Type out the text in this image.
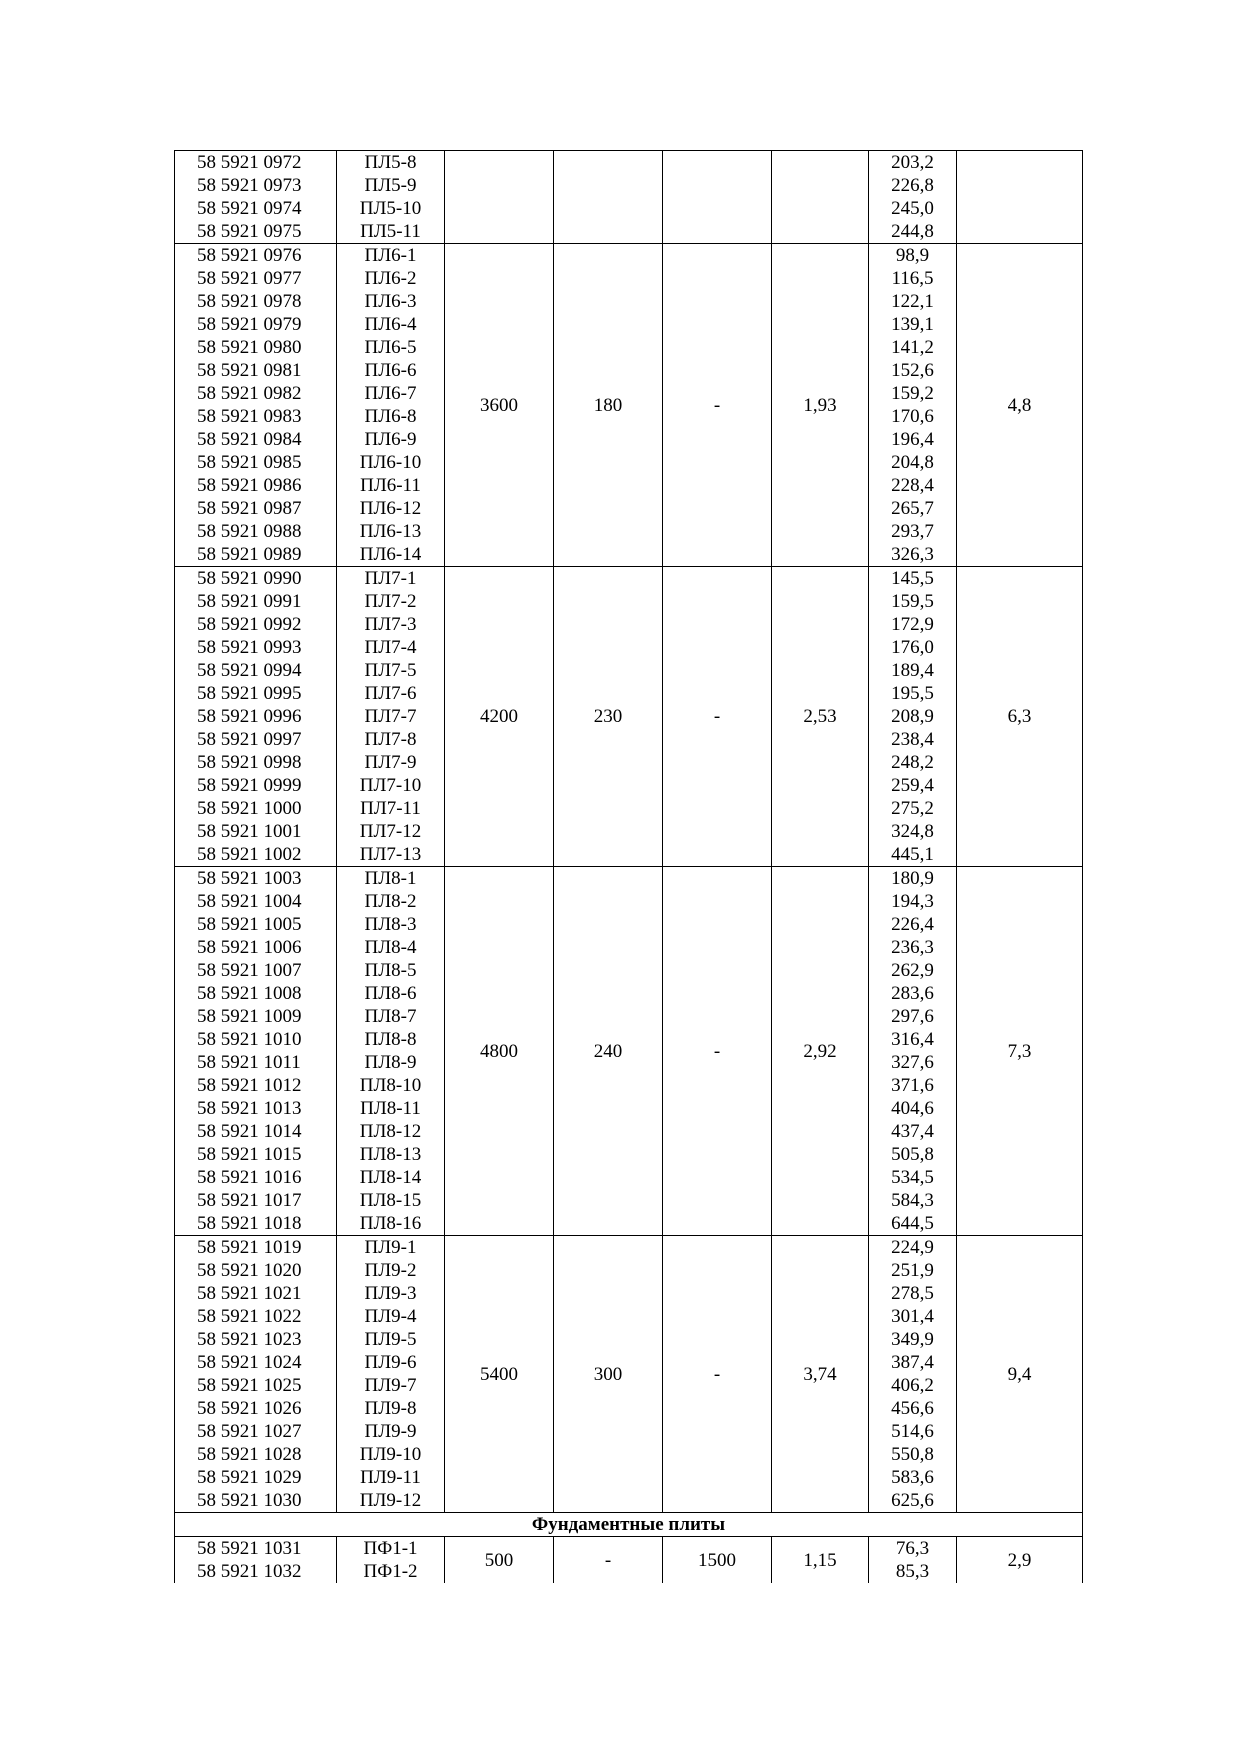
58 5921 0972	ПЛ5-8					203,2	
58 5921 0973	ПЛ5-9					226,8	
58 5921 0974	ПЛ5-10					245,0	
58 5921 0975	ПЛ5-11					244,8	
58 5921 0976	ПЛ6-1	3600	180	-	1,93	98,9	4,8
58 5921 0977	ПЛ6-2					116,5	
58 5921 0978	ПЛ6-3					122,1	
58 5921 0979	ПЛ6-4					139,1	
58 5921 0980	ПЛ6-5					141,2	
58 5921 0981	ПЛ6-6					152,6	
58 5921 0982	ПЛ6-7					159,2	
58 5921 0983	ПЛ6-8					170,6	
58 5921 0984	ПЛ6-9					196,4	
58 5921 0985	ПЛ6-10					204,8	
58 5921 0986	ПЛ6-11					228,4	
58 5921 0987	ПЛ6-12					265,7	
58 5921 0988	ПЛ6-13					293,7	
58 5921 0989	ПЛ6-14					326,3	
58 5921 0990	ПЛ7-1	4200	230	-	2,53	145,5	6,3
58 5921 0991	ПЛ7-2					159,5	
58 5921 0992	ПЛ7-3					172,9	
58 5921 0993	ПЛ7-4					176,0	
58 5921 0994	ПЛ7-5					189,4	
58 5921 0995	ПЛ7-6					195,5	
58 5921 0996	ПЛ7-7					208,9	
58 5921 0997	ПЛ7-8					238,4	
58 5921 0998	ПЛ7-9					248,2	
58 5921 0999	ПЛ7-10					259,4	
58 5921 1000	ПЛ7-11					275,2	
58 5921 1001	ПЛ7-12					324,8	
58 5921 1002	ПЛ7-13					445,1	
58 5921 1003	ПЛ8-1	4800	240	-	2,92	180,9	7,3
58 5921 1004	ПЛ8-2					194,3	
58 5921 1005	ПЛ8-3					226,4	
58 5921 1006	ПЛ8-4					236,3	
58 5921 1007	ПЛ8-5					262,9	
58 5921 1008	ПЛ8-6					283,6	
58 5921 1009	ПЛ8-7					297,6	
58 5921 1010	ПЛ8-8					316,4	
58 5921 1011	ПЛ8-9					327,6	
58 5921 1012	ПЛ8-10					371,6	
58 5921 1013	ПЛ8-11					404,6	
58 5921 1014	ПЛ8-12					437,4	
58 5921 1015	ПЛ8-13					505,8	
58 5921 1016	ПЛ8-14					534,5	
58 5921 1017	ПЛ8-15					584,3	
58 5921 1018	ПЛ8-16					644,5	
58 5921 1019	ПЛ9-1	5400	300	-	3,74	224,9	9,4
58 5921 1020	ПЛ9-2					251,9	
58 5921 1021	ПЛ9-3					278,5	
58 5921 1022	ПЛ9-4					301,4	
58 5921 1023	ПЛ9-5					349,9	
58 5921 1024	ПЛ9-6					387,4	
58 5921 1025	ПЛ9-7					406,2	
58 5921 1026	ПЛ9-8					456,6	
58 5921 1027	ПЛ9-9					514,6	
58 5921 1028	ПЛ9-10					550,8	
58 5921 1029	ПЛ9-11					583,6	
58 5921 1030	ПЛ9-12					625,6	
Фундаментные плиты							
58 5921 1031	ПФ1-1	500	-	1500	1,15	76,3	2,9
58 5921 1032	ПФ1-2					85,3	
